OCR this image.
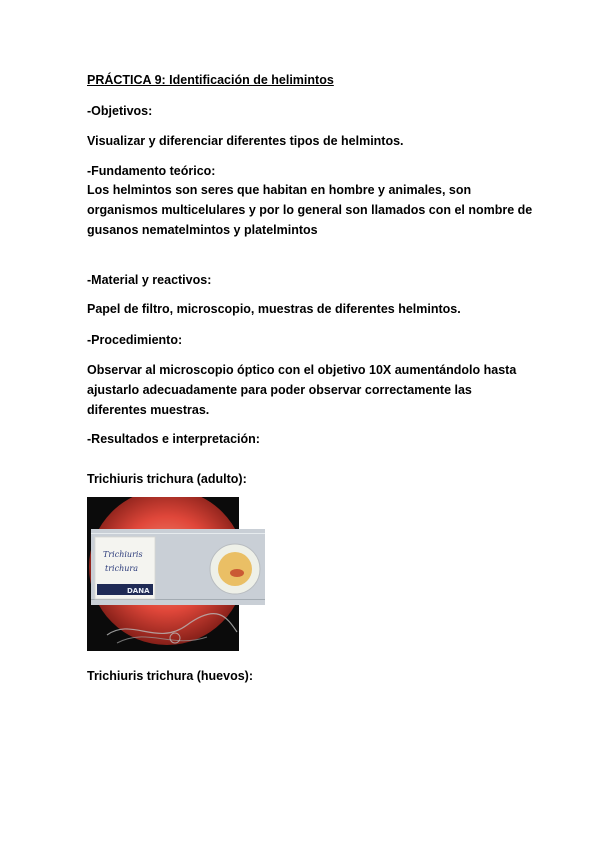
PRÁCTICA 9: Identificación de helimintos

-Objetivos:

Visualizar y diferenciar diferentes tipos de helmintos.

-Fundamento teórico:

Los helmintos son seres que habitan en hombre y animales, son
organismos multicelulares y por lo general son llamados con el nombre de
gusanos nematelmintos y platelmintos

-Material y reactivos:

Papel de filtro, microscopio, muestras de diferentes helmintos.

-Procedimiento:

Observar al microscopio óptico con el objetivo 10X aumentándolo hasta
ajustarlo adecuadamente para poder observar correctamente las
diferentes muestras.

-Resultados e interpretación:

Trichiuris trichura (adulto):

Trichiuris
trichura
DANA

Trichiuris trichura (huevos):
